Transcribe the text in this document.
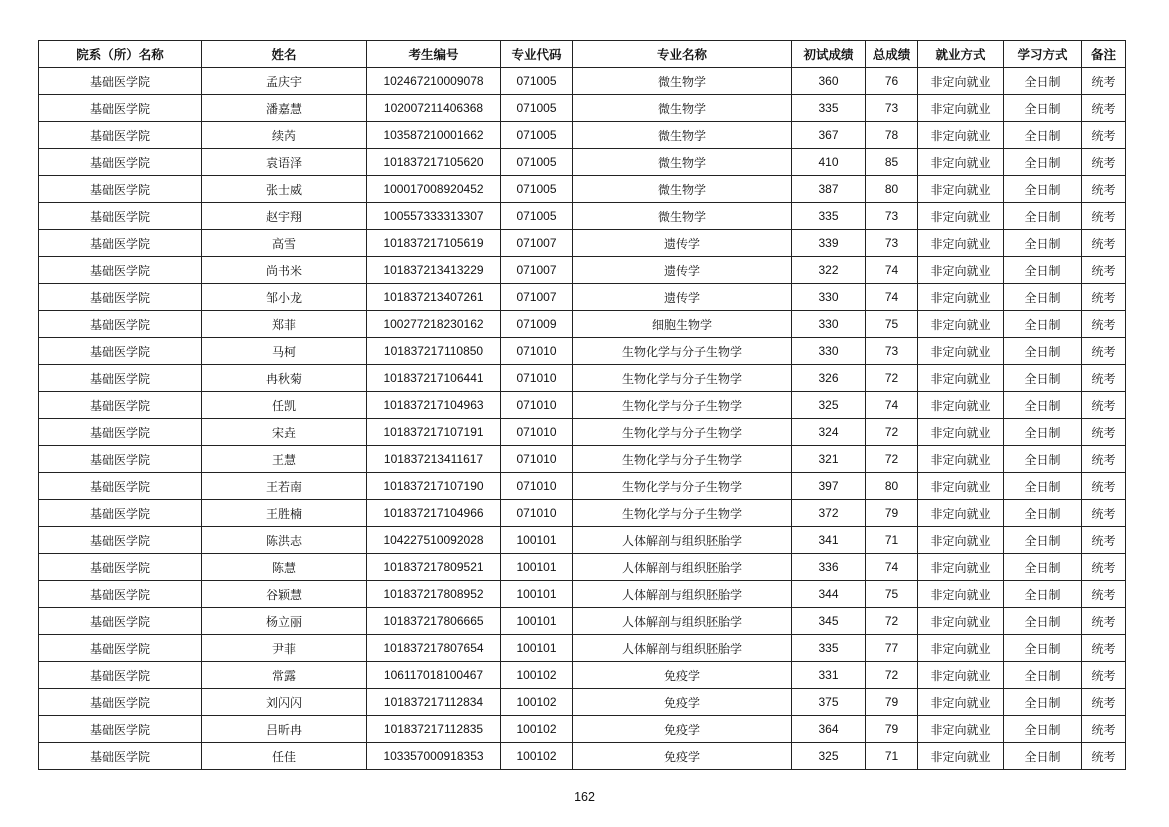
院系（所）名称	姓名	考生编号	专业代码	专业名称	初试成绩	总成绩	就业方式	学习方式	备注
基础医学院	孟庆宇	102467210009078	071005	微生物学	360	76	非定向就业	全日制	统考
基础医学院	潘嘉慧	102007211406368	071005	微生物学	335	73	非定向就业	全日制	统考
基础医学院	续芮	103587210001662	071005	微生物学	367	78	非定向就业	全日制	统考
基础医学院	袁语泽	101837217105620	071005	微生物学	410	85	非定向就业	全日制	统考
基础医学院	张士威	100017008920452	071005	微生物学	387	80	非定向就业	全日制	统考
基础医学院	赵宇翔	100557333313307	071005	微生物学	335	73	非定向就业	全日制	统考
基础医学院	高雪	101837217105619	071007	遗传学	339	73	非定向就业	全日制	统考
基础医学院	尚书米	101837213413229	071007	遗传学	322	74	非定向就业	全日制	统考
基础医学院	邹小龙	101837213407261	071007	遗传学	330	74	非定向就业	全日制	统考
基础医学院	郑菲	100277218230162	071009	细胞生物学	330	75	非定向就业	全日制	统考
基础医学院	马柯	101837217110850	071010	生物化学与分子生物学	330	73	非定向就业	全日制	统考
基础医学院	冉秋菊	101837217106441	071010	生物化学与分子生物学	326	72	非定向就业	全日制	统考
基础医学院	任凯	101837217104963	071010	生物化学与分子生物学	325	74	非定向就业	全日制	统考
基础医学院	宋垚	101837217107191	071010	生物化学与分子生物学	324	72	非定向就业	全日制	统考
基础医学院	王慧	101837213411617	071010	生物化学与分子生物学	321	72	非定向就业	全日制	统考
基础医学院	王若南	101837217107190	071010	生物化学与分子生物学	397	80	非定向就业	全日制	统考
基础医学院	王胜楠	101837217104966	071010	生物化学与分子生物学	372	79	非定向就业	全日制	统考
基础医学院	陈洪志	104227510092028	100101	人体解剖与组织胚胎学	341	71	非定向就业	全日制	统考
基础医学院	陈慧	101837217809521	100101	人体解剖与组织胚胎学	336	74	非定向就业	全日制	统考
基础医学院	谷颖慧	101837217808952	100101	人体解剖与组织胚胎学	344	75	非定向就业	全日制	统考
基础医学院	杨立丽	101837217806665	100101	人体解剖与组织胚胎学	345	72	非定向就业	全日制	统考
基础医学院	尹菲	101837217807654	100101	人体解剖与组织胚胎学	335	77	非定向就业	全日制	统考
基础医学院	常露	106117018100467	100102	免疫学	331	72	非定向就业	全日制	统考
基础医学院	刘闪闪	101837217112834	100102	免疫学	375	79	非定向就业	全日制	统考
基础医学院	吕昕冉	101837217112835	100102	免疫学	364	79	非定向就业	全日制	统考
基础医学院	任佳	103357000918353	100102	免疫学	325	71	非定向就业	全日制	统考
162
